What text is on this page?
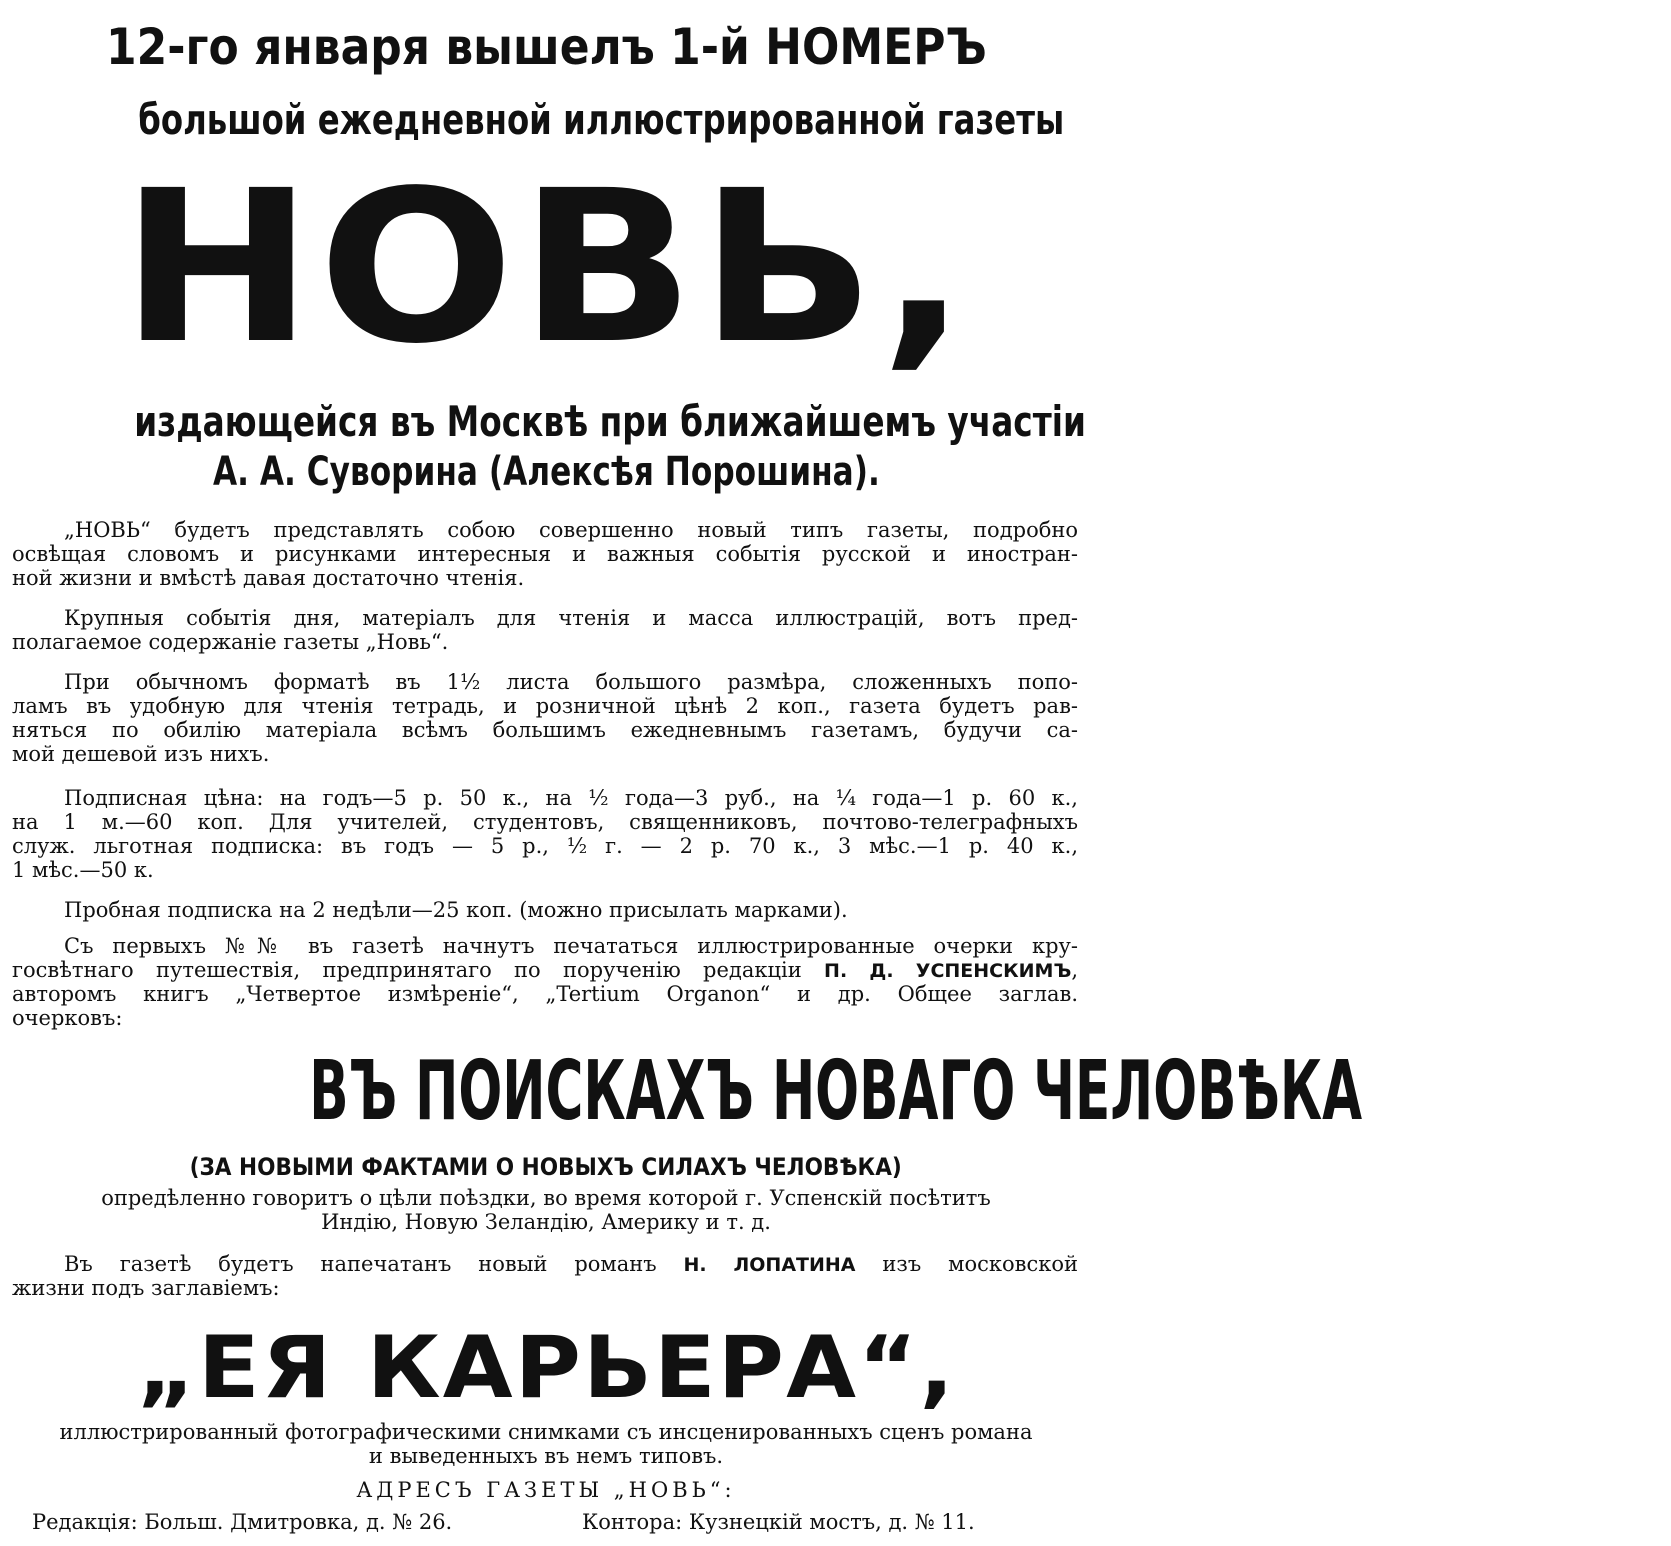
12-го января вышелъ 1-й НОМЕРЪ
большой ежедневной иллюстрированной газеты
НОВЬ,
издающейся въ Москвѣ при ближайшемъ участіи
А. А. Суворина (Алексѣя Порошина).
„НОВЬ“ будетъ представлять собою совершенно новый типъ газеты, подробно
освѣщая словомъ и рисунками интересныя и важныя событія русской и иностран-
ной жизни и вмѣстѣ давая достаточно чтенія.
Крупныя событія дня, матеріалъ для чтенія и масса иллюстрацій, вотъ пред-
полагаемое содержаніе газеты „Новь“.
При обычномъ форматѣ въ 1½ листа большого размѣра, сложенныхъ попо-
ламъ въ удобную для чтенія тетрадь, и розничной цѣнѣ 2 коп., газета будетъ рав-
няться по обилію матеріала всѣмъ большимъ ежедневнымъ газетамъ, будучи са-
мой дешевой изъ нихъ.
Подписная цѣна: на годъ—5 р. 50 к., на ½ года—3 руб., на ¼ года—1 р. 60 к.,
на 1 м.—60 коп. Для учителей, студентовъ, священниковъ, почтово-телеграфныхъ
служ. льготная подписка: въ годъ — 5 р., ½ г. — 2 р. 70 к., 3 мѣс.—1 р. 40 к.,
1 мѣс.—50 к.
Пробная подписка на 2 недѣли—25 коп. (можно присылать марками).
Съ первыхъ №№ въ газетѣ начнутъ печататься иллюстрированные очерки кру-
госвѣтнаго путешествія, предпринятаго по порученію редакціи П. Д. УСПЕНСКИМЪ,
авторомъ книгъ „Четвертое измѣреніе“, „Tertium Organon“ и др. Общее заглав.
очерковъ:
ВЪ ПОИСКАХЪ НОВАГО ЧЕЛОВѢКА
(ЗА НОВЫМИ ФАКТАМИ О НОВЫХЪ СИЛАХЪ ЧЕЛОВѢКА)
опредѣленно говоритъ о цѣли поѣздки, во время которой г. Успенскій посѣтитъ
Индію, Новую Зеландію, Америку и т. д.
Въ газетѣ будетъ напечатанъ новый романъ Н. ЛОПАТИНА изъ московской
жизни подъ заглавіемъ:
„ЕЯ КАРЬЕРА“,
иллюстрированный фотографическими снимками съ инсценированныхъ сценъ романа
и выведенныхъ въ немъ типовъ.
АДРЕСЪ ГАЗЕТЫ „НОВЬ“:
Редакція: Больш. Дмитровка, д. № 26.	Контора: Кузнецкій мостъ, д. № 11.
